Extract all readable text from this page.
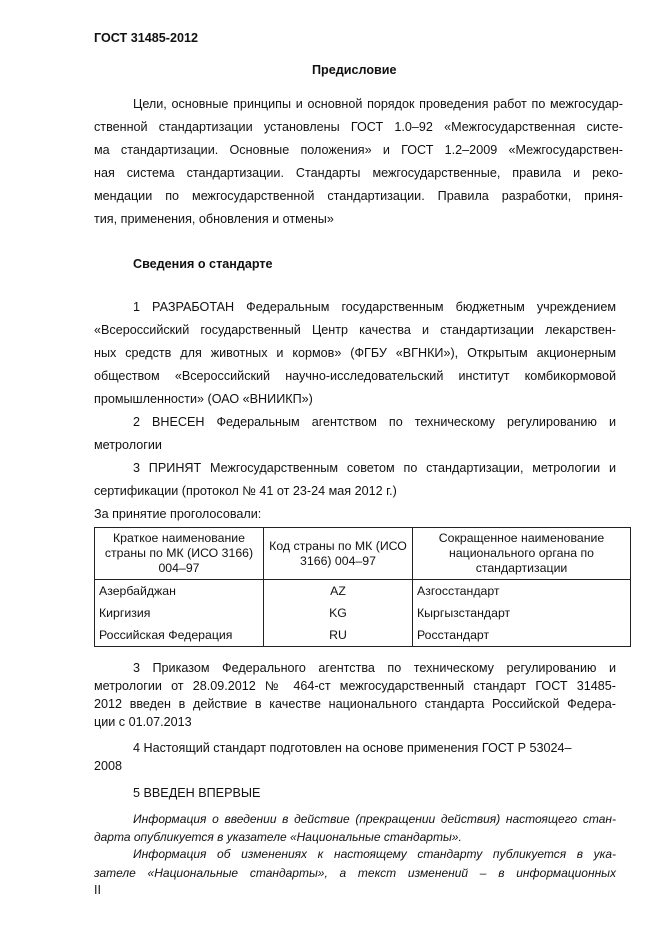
ГОСТ 31485-2012
Предисловие
Цели, основные принципы и основной порядок проведения работ по межгосудар-
ственной стандартизации установлены ГОСТ 1.0–92 «Межгосударственная систе-
ма стандартизации. Основные положения» и ГОСТ 1.2–2009 «Межгосударствен-
ная система стандартизации. Стандарты межгосударственные, правила и реко-
мендации по межгосударственной стандартизации. Правила разработки, приня-
тия, применения, обновления и отмены»
Сведения о стандарте
1 РАЗРАБОТАН Федеральным государственным бюджетным учреждением
«Всероссийский государственный Центр качества и стандартизации лекарствен-
ных средств для животных и кормов» (ФГБУ «ВГНКИ»), Открытым акционерным
обществом «Всероссийский научно-исследовательский институт комбикормовой
промышленности» (ОАО «ВНИИКП»)
2 ВНЕСЕН Федеральным агентством по техническому регулированию и
метрологии
3 ПРИНЯТ Межгосударственным советом по стандартизации, метрологии и
сертификации (протокол № 41 от 23-24 мая 2012 г.)
За принятие проголосовали:
Краткое наименование страны по МК (ИСО 3166) 004–97	Код страны по МК (ИСО 3166) 004–97	Сокращенное наименование национального органа по стандартизации
Азербайджан	AZ	Азгосстандарт
Киргизия	KG	Кыргызстандарт
Российская Федерация	RU	Росстандарт
3 Приказом Федерального агентства по техническому регулированию и
метрологии от 28.09.2012 № 464-ст межгосударственный стандарт ГОСТ 31485-
2012 введен в действие в качестве национального стандарта Российской Федера-
ции с 01.07.2013
4 Настоящий стандарт подготовлен на основе применения ГОСТ Р 53024–
2008
5 ВВЕДЕН ВПЕРВЫЕ
Информация о введении в действие (прекращении действия) настоящего стан-
дарта опубликуется в указателе «Национальные стандарты».
Информация об изменениях к настоящему стандарту публикуется в ука-
зателе «Национальные стандарты», а текст изменений – в информационных
II
